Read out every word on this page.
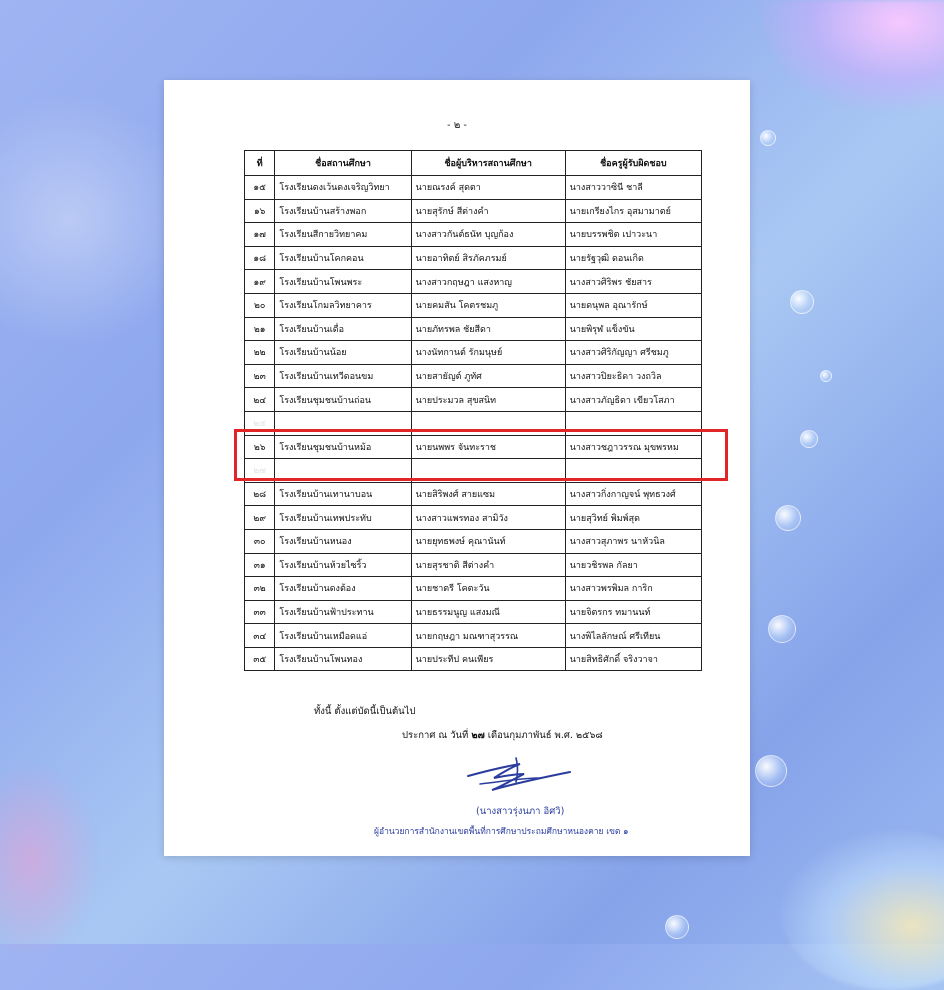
- ๒ -
ที่	ชื่อสถานศึกษา	ชื่อผู้บริหารสถานศึกษา	ชื่อครูผู้รับผิดชอบ
๑๕	โรงเรียนดงเว้นดงเจริญวิทยา	นายณรงค์ สุดตา	นางสาววาซินี ชาลี
๑๖	โรงเรียนบ้านสร้างพอก	นายสุรักษ์ สีต่างคำ	นายเกรียงไกร อุสมามาตย์
๑๗	โรงเรียนสีกายวิทยาคม	นางสาวกันต์ธนัท บุญก้อง	นายบรรพชิต เปาวะนา
๑๘	โรงเรียนบ้านโคกคอน	นายอาทิตย์ สิรภัคภรมย์	นายรัฐวุฒิ ดอนเกิด
๑๙	โรงเรียนบ้านโพนพระ	นางสาวกฤษฎา แสงหาญ	นางสาวศิริพร ชัยสาร
๒๐	โรงเรียนโกมลวิทยาคาร	นายคมสัน โคตรชมภู	นายดนุพล อุณารักษ์
๒๑	โรงเรียนบ้านเดื่อ	นายภัทรพล ชัยสีดา	นายพิรุฬ แข็งขัน
๒๒	โรงเรียนบ้านน้อย	นางนัทกานต์ รักมนุษย์	นางสาวศิริกัญญา ศรีชมภู
๒๓	โรงเรียนบ้านเทวีดอนขม	นายสายัญต์ ภูทัศ	นางสาวปิยะธิดา วงถวิล
๒๔	โรงเรียนชุมชนบ้านถ่อน	นายประมวล สุขสนิท	นางสาวภัญธิดา เขียวโสภา
๒๕			
๒๖	โรงเรียนชุมชนบ้านหม้อ	นายนพพร จันทะราช	นางสาวชฎาวรรณ มุขพรหม
๒๗			
๒๘	โรงเรียนบ้านเทานาบอน	นายสิริพงศ์ สายแซม	นางสาวกิ่งกาญจน์ พุทธวงศ์
๒๙	โรงเรียนบ้านเทพประทับ	นางสาวแพรทอง สามิวัง	นายสุวิทย์ พิมพ์สุด
๓๐	โรงเรียนบ้านหนอง	นายยุทธพงษ์ คุณานันท์	นางสาวสุภาพร นาหัวนิล
๓๑	โรงเรียนบ้านห้วยไซริ้ว	นายสุรชาติ สีต่างคำ	นายวชิรพล กัลยา
๓๒	โรงเรียนบ้านดงต้อง	นายชาตรี โคตะวัน	นางสาวพรพิมล การิก
๓๓	โรงเรียนบ้านฟ้าประทาน	นายธรรมนูญ แสงมณี	นายจิตรกร ทมานนท์
๓๔	โรงเรียนบ้านเหมือดแอ่	นายกฤษฎา มณฑาสุวรรณ	นางพิไลลักษณ์ ศรีเทียน
๓๕	โรงเรียนบ้านโพนทอง	นายประทีป คนเพียร	นายสิทธิศักดิ์ จริงวาจา
ทั้งนี้ ตั้งแต่บัดนี้เป็นต้นไป
ประกาศ ณ วันที่ ๒๗ เดือนกุมภาพันธ์ พ.ศ. ๒๕๖๘
(นางสาวรุ่งนภา อิศวิ)
ผู้อำนวยการสำนักงานเขตพื้นที่การศึกษาประถมศึกษาหนองคาย เขต ๑
